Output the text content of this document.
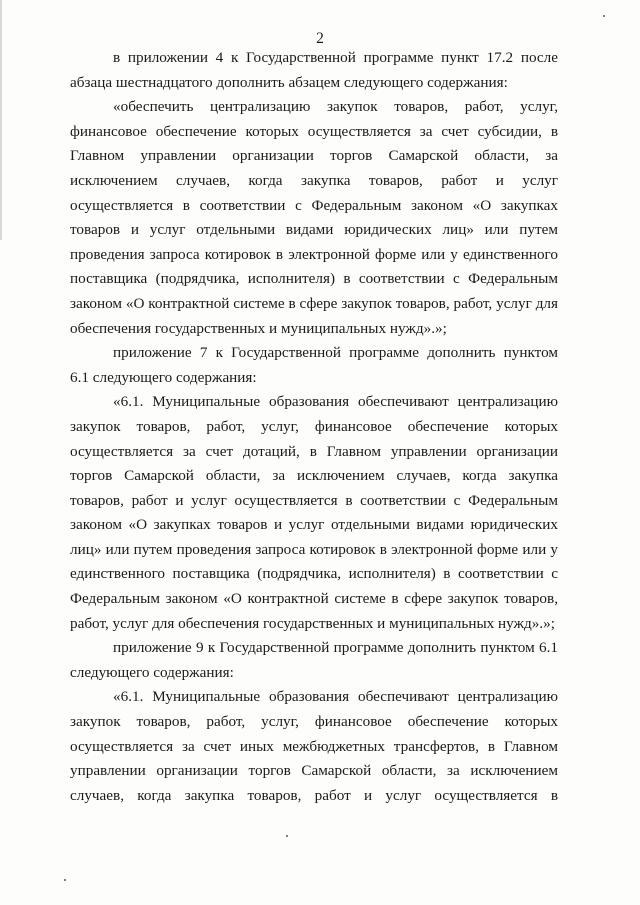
2

в приложении 4 к Государственной программе пункт 17.2 после
абзаца шестнадцатого дополнить абзацем следующего содержания:

«обеспечить централизацию закупок товаров, работ, услуг,
финансовое обеспечение которых осуществляется за счет субсидии, в
Главном управлении организации торгов Самарской области, за
исключением случаев, когда закупка товаров, работ и услуг
осуществляется в соответствии с Федеральным законом «О закупках
товаров и услуг отдельными видами юридических лиц» или путем
проведения запроса котировок в электронной форме или у единственного
поставщика (подрядчика, исполнителя) в соответствии с Федеральным
законом «О контрактной системе в сфере закупок товаров, работ, услуг для
обеспечения государственных и муниципальных нужд».»;

приложение 7 к Государственной программе дополнить пунктом
6.1 следующего содержания:

«6.1. Муниципальные образования обеспечивают централизацию
закупок товаров, работ, услуг, финансовое обеспечение которых
осуществляется за счет дотаций, в Главном управлении организации
торгов Самарской области, за исключением случаев, когда закупка
товаров, работ и услуг осуществляется в соответствии с Федеральным
законом «О закупках товаров и услуг отдельными видами юридических
лиц» или путем проведения запроса котировок в электронной форме или у
единственного поставщика (подрядчика, исполнителя) в соответствии с
Федеральным законом «О контрактной системе в сфере закупок товаров,
работ, услуг для обеспечения государственных и муниципальных нужд».»;

приложение 9 к Государственной программе дополнить пунктом 6.1
следующего содержания:

«6.1. Муниципальные образования обеспечивают централизацию
закупок товаров, работ, услуг, финансовое обеспечение которых
осуществляется за счет иных межбюджетных трансфертов, в Главном
управлении организации торгов Самарской области, за исключением
случаев, когда закупка товаров, работ и услуг осуществляется в
